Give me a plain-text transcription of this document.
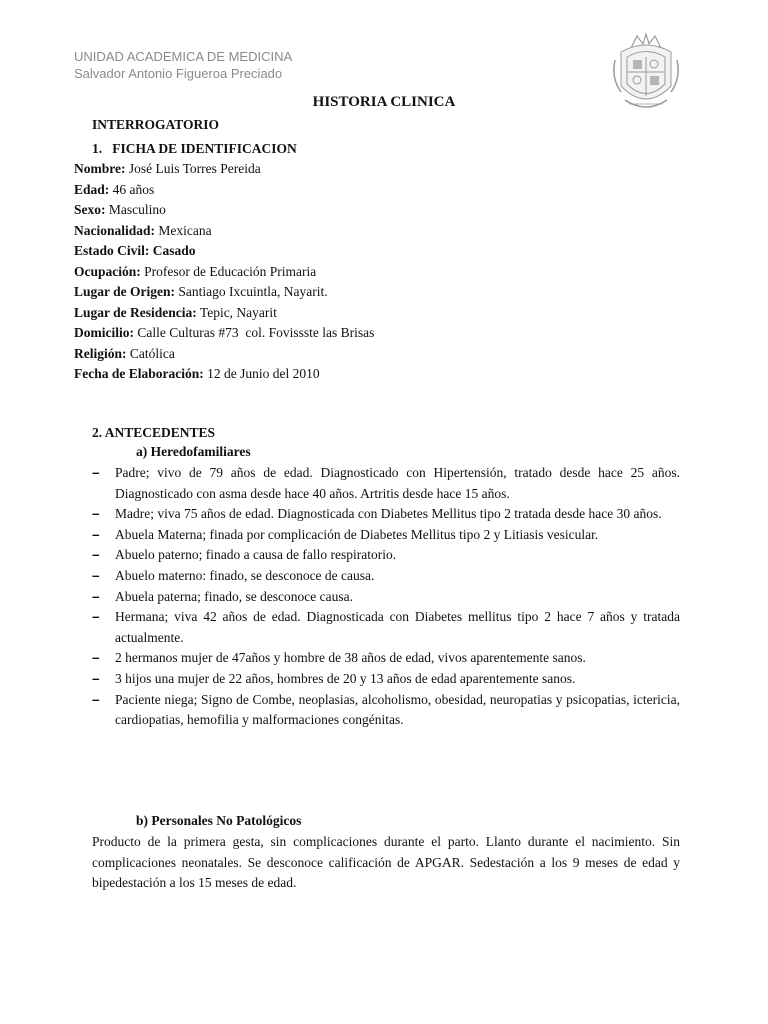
UNIDAD ACADEMICA DE MEDICINA
Salvador Antonio Figueroa Preciado
HISTORIA CLINICA
INTERROGATORIO
1.   FICHA DE IDENTIFICACION
Nombre: José Luis Torres Pereida
Edad: 46 años
Sexo: Masculino
Nacionalidad: Mexicana
Estado Civil: Casado
Ocupación: Profesor de Educación Primaria
Lugar de Origen: Santiago Ixcuintla, Nayarit.
Lugar de Residencia: Tepic, Nayarit
Domicilio: Calle Culturas #73  col. Fovissste las Brisas
Religión: Católica
Fecha de Elaboración: 12 de Junio del 2010
2. ANTECEDENTES
a) Heredofamiliares
– Padre; vivo de 79 años de edad. Diagnosticado con Hipertensión, tratado desde hace 25 años. Diagnosticado con asma desde hace 40 años. Artritis desde hace 15 años.
– Madre; viva 75 años de edad. Diagnosticada con Diabetes Mellitus tipo 2 tratada desde hace 30 años.
– Abuela Materna; finada por complicación de Diabetes Mellitus tipo 2 y Litiasis vesicular.
– Abuelo paterno; finado a causa de fallo respiratorio.
– Abuelo materno: finado, se desconoce de causa.
– Abuela paterna; finado, se desconoce causa.
– Hermana; viva 42 años de edad. Diagnosticada con Diabetes mellitus tipo 2 hace 7 años y tratada actualmente.
– 2 hermanos mujer de 47años y hombre de 38 años de edad, vivos aparentemente sanos.
– 3 hijos una mujer de 22 años, hombres de 20 y 13 años de edad aparentemente sanos.
– Paciente niega; Signo de Combe, neoplasias, alcoholismo, obesidad, neuropatias y psicopatias, ictericia, cardiopatias, hemofilia y malformaciones congénitas.
b) Personales No Patológicos

Producto de la primera gesta, sin complicaciones durante el parto. Llanto durante el nacimiento. Sin complicaciones neonatales. Se desconoce calificación de APGAR. Sedestación a los 9 meses de edad y bipedestación a los 15 meses de edad.
